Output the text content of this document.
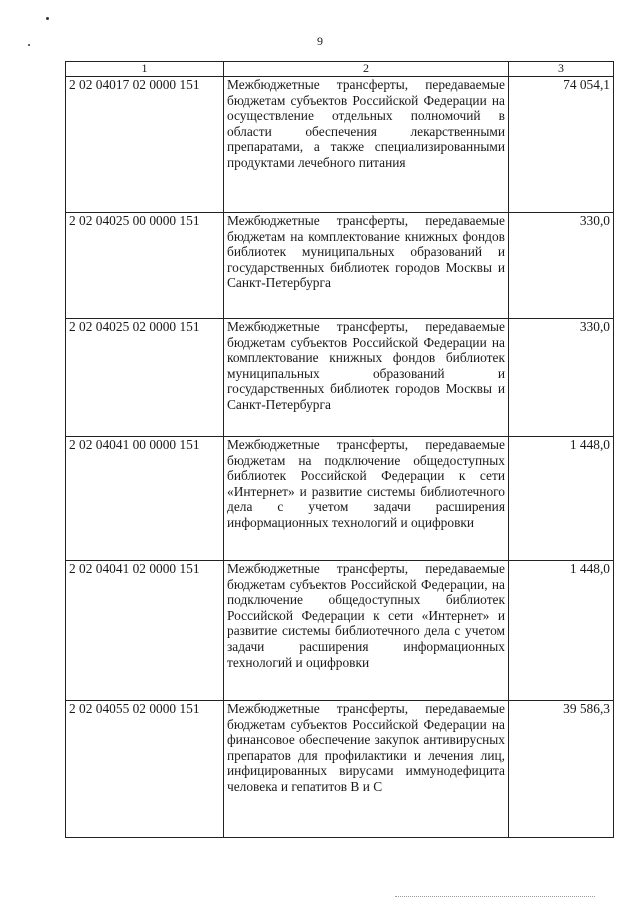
9
1	2	3
2 02 04017 02 0000 151	Межбюджетные трансферты, передаваемые бюджетам субъектов Российской Федерации на осуществление отдельных полномочий в области обеспечения лекарственными препаратами, а также специализированными продуктами лечебного питания	74 054,1
2 02 04025 00 0000 151	Межбюджетные трансферты, передаваемые бюджетам на комплектование книжных фондов библиотек муниципальных образований и государственных библиотек городов Москвы и Санкт-Петербурга	330,0
2 02 04025 02 0000 151	Межбюджетные трансферты, передаваемые бюджетам субъектов Российской Федерации на комплектование книжных фондов библиотек муниципальных образований и государственных библиотек городов Москвы и Санкт-Петербурга	330,0
2 02 04041 00 0000 151	Межбюджетные трансферты, передаваемые бюджетам на подключение общедоступных библиотек Российской Федерации к сети «Интернет» и развитие системы библиотечного дела с учетом задачи расширения информационных технологий и оцифровки	1 448,0
2 02 04041 02 0000 151	Межбюджетные трансферты, передаваемые бюджетам субъектов Российской Федерации, на подключение общедоступных библиотек Российской Федерации к сети «Интернет» и развитие системы библиотечного дела с учетом задачи расширения информационных технологий и оцифровки	1 448,0
2 02 04055 02 0000 151	Межбюджетные трансферты, передаваемые бюджетам субъектов Российской Федерации на финансовое обеспечение закупок антивирусных препаратов для профилактики и лечения лиц, инфицированных вирусами иммунодефицита человека и гепатитов В и С	39 586,3
